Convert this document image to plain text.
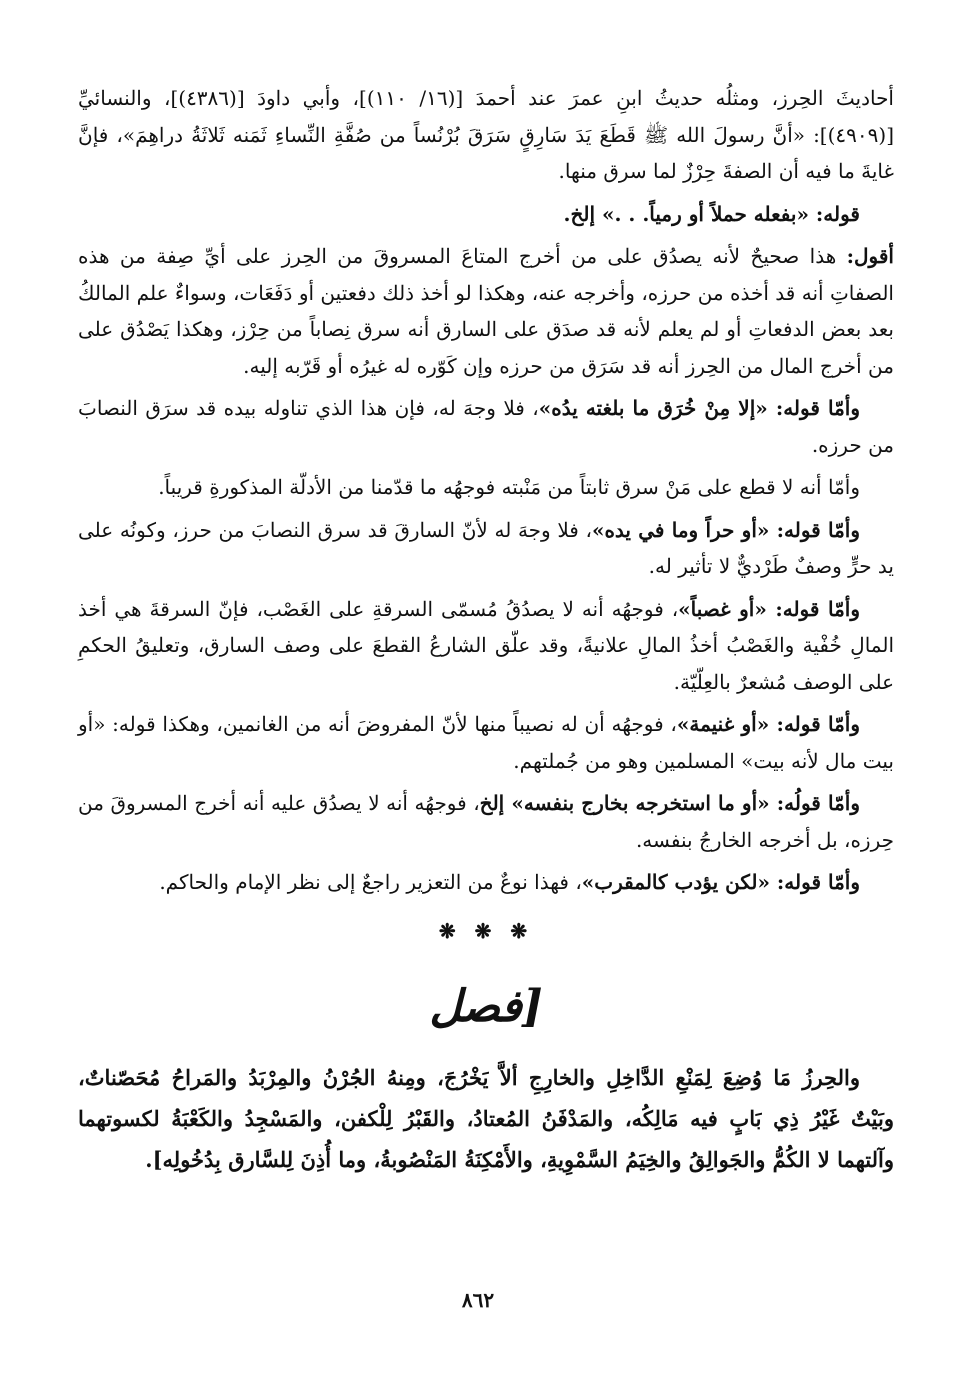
أحاديثَ الحِرز، ومثلُه حديثُ ابنِ عمرَ عند أحمدَ [(١٦/ ١١٠)]، وأبي داودَ [(٤٣٨٦)]، والنسائيِّ [(٤٩٠٩)]: «أنَّ رسولَ الله ﷺ قَطَعَ يَدَ سَارِقٍ سَرَقَ بُرْنُساً من صُفَّةِ النِّساءِ ثَمَنه ثَلاثَةُ دراهِمَ»، فإنَّ غايةَ ما فيه أن الصفةَ حِرْزٌ لما سرق منها.

قوله: «بفعله حملاً أو رمياً. . .» إلخ.

أقول: هذا صحيحٌ لأنه يصدُق على من أخرج المتاعَ المسروقَ من الحِرز على أيِّ صِفة من هذه الصفاتِ أنه قد أخذه من حرزه، وأخرجه عنه، وهكذا لو أخذ ذلك دفعتين أو دَفَعَات، وسواءٌ علم المالكُ بعد بعض الدفعاتِ أو لم يعلم لأنه قد صدَق على السارق أنه سرق نِصاباً من حِرْز، وهكذا يَصْدُق على من أخرج المال من الحِرز أنه قد سَرَق من حرزه وإن كَوّره له غيرُه أو قَرّبه إليه.

وأمّا قوله: «إلا مِنْ خُرَق ما بلغته يدُه»، فلا وجهَ له، فإن هذا الذي تناوله بيده قد سرَق النصابَ من حرزه.

وأمّا أنه لا قطع على مَنْ سرق ثابتاً من مَنْبته فوجهُه ما قدّمنا من الأدلّة المذكورةِ قريباً.

وأمّا قوله: «أو حراً وما في يده»، فلا وجهَ له لأنّ السارقَ قد سرق النصابَ من حرز، وكونُه على يد حرٍّ وصفٌ طَرْديٌّ لا تأثير له.

وأمّا قوله: «أو غصباً»، فوجهُه أنه لا يصدُقُ مُسمّى السرقةِ على الغَصْب، فإنّ السرقةَ هي أخذ المالِ خُفْية والغَصْبُ أخذُ المالِ علانيةً، وقد علّق الشارعُ القطعَ على وصف السارق، وتعليقُ الحكمِ على الوصف مُشعرٌ بالعِلّيّة.

وأمّا قوله: «أو غنيمة»، فوجهُه أن له نصيباً منها لأنّ المفروضَ أنه من الغانمين، وهكذا قوله: «أو بيت مال لأنه بيت» المسلمين وهو من جُملتهم.

وأمّا قولُه: «أو ما استخرجه بخارج بنفسه» إلخ، فوجهُه أنه لا يصدُق عليه أنه أخرج المسروقَ من حِرزه، بل أخرجه الخارجُ بنفسه.

وأمّا قوله: «لكن يؤدب كالمقرب»، فهذا نوعٌ من التعزير راجعٌ إلى نظر الإمام والحاكم.

❋ ❋ ❋
[فصل

والحِرزُ مَا وُضِعَ لِمَنْعِ الدَّاخِلِ والخارِجِ ألاَّ يَخْرُجَ، ومِنهُ الجُرْنُ والمِرْبَدُ والمَراحُ مُحَصّناتٌ، وبَيْتٌ غَيْرُ ذِي بَابٍ فيه مَالِكُه، والمَدْفَنُ المُعتادُ، والقَبْرُ لِلْكفن، والمَسْجِدُ والكَعْبَةُ لكسوتهما وآلتهما لا الكُمُّ والجَوالِقُ والخِيَمُ السَّمْوِيةِ، والأَمْكِنَةُ المَنْصُوبةُ، وما أُذِنَ لِلسَّارق بِدُخُولِه].

٨٦٢
